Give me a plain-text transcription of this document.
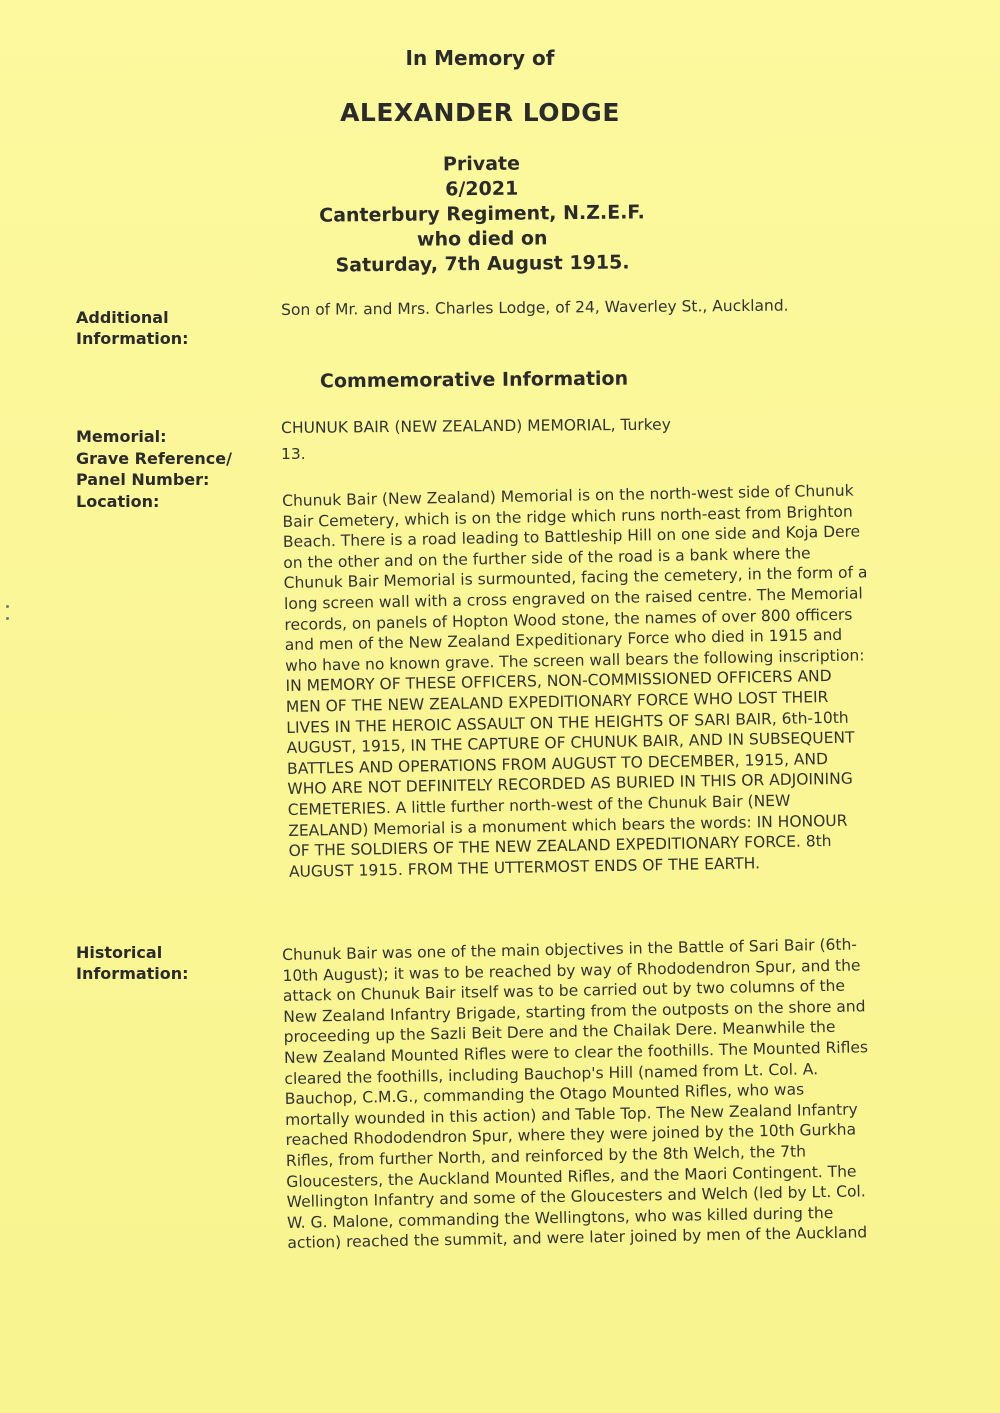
In Memory of
ALEXANDER LODGE
Private
6/2021
Canterbury Regiment, N.Z.E.F.
who died on
Saturday, 7th August 1915.

Additional
Information:

Son of Mr. and Mrs. Charles Lodge, of 24, Waverley St., Auckland.

Commemorative Information

Memorial:	CHUNUK BAIR (NEW ZEALAND) MEMORIAL, Turkey

Grave Reference/
Panel Number:

13.

Location:	Chunuk Bair (New Zealand) Memorial is on the north-west side of Chunuk Bair Cemetery, which is on the ridge which runs north-east from Brighton Beach. There is a road leading to Battleship Hill on one side and Koja Dere on the other and on the further side of the road is a bank where the Chunuk Bair Memorial is surmounted, facing the cemetery, in the form of a long screen wall with a cross engraved on the raised centre. The Memorial records, on panels of Hopton Wood stone, the names of over 800 officers and men of the New Zealand Expeditionary Force who died in 1915 and who have no known grave. The screen wall bears the following inscription: IN MEMORY OF THESE OFFICERS, NON-COMMISSIONED OFFICERS AND MEN OF THE NEW ZEALAND EXPEDITIONARY FORCE WHO LOST THEIR LIVES IN THE HEROIC ASSAULT ON THE HEIGHTS OF SARI BAIR, 6th-10th AUGUST, 1915, IN THE CAPTURE OF CHUNUK BAIR, AND IN SUBSEQUENT BATTLES AND OPERATIONS FROM AUGUST TO DECEMBER, 1915, AND WHO ARE NOT DEFINITELY RECORDED AS BURIED IN THIS OR ADJOINING CEMETERIES. A little further north-west of the Chunuk Bair (NEW ZEALAND) Memorial is a monument which bears the words: IN HONOUR OF THE SOLDIERS OF THE NEW ZEALAND EXPEDITIONARY FORCE. 8th AUGUST 1915. FROM THE UTTERMOST ENDS OF THE EARTH.

Historical
Information:

Chunuk Bair was one of the main objectives in the Battle of Sari Bair (6th-10th August); it was to be reached by way of Rhododendron Spur, and the attack on Chunuk Bair itself was to be carried out by two columns of the New Zealand Infantry Brigade, starting from the outposts on the shore and proceeding up the Sazli Beit Dere and the Chailak Dere. Meanwhile the New Zealand Mounted Rifles were to clear the foothills. The Mounted Rifles cleared the foothills, including Bauchop's Hill (named from Lt. Col. A. Bauchop, C.M.G., commanding the Otago Mounted Rifles, who was mortally wounded in this action) and Table Top. The New Zealand Infantry reached Rhododendron Spur, where they were joined by the 10th Gurkha Rifles, from further North, and reinforced by the 8th Welch, the 7th Gloucesters, the Auckland Mounted Rifles, and the Maori Contingent. The Wellington Infantry and some of the Gloucesters and Welch (led by Lt. Col. W. G. Malone, commanding the Wellingtons, who was killed during the action) reached the summit, and were later joined by men of the Auckland
